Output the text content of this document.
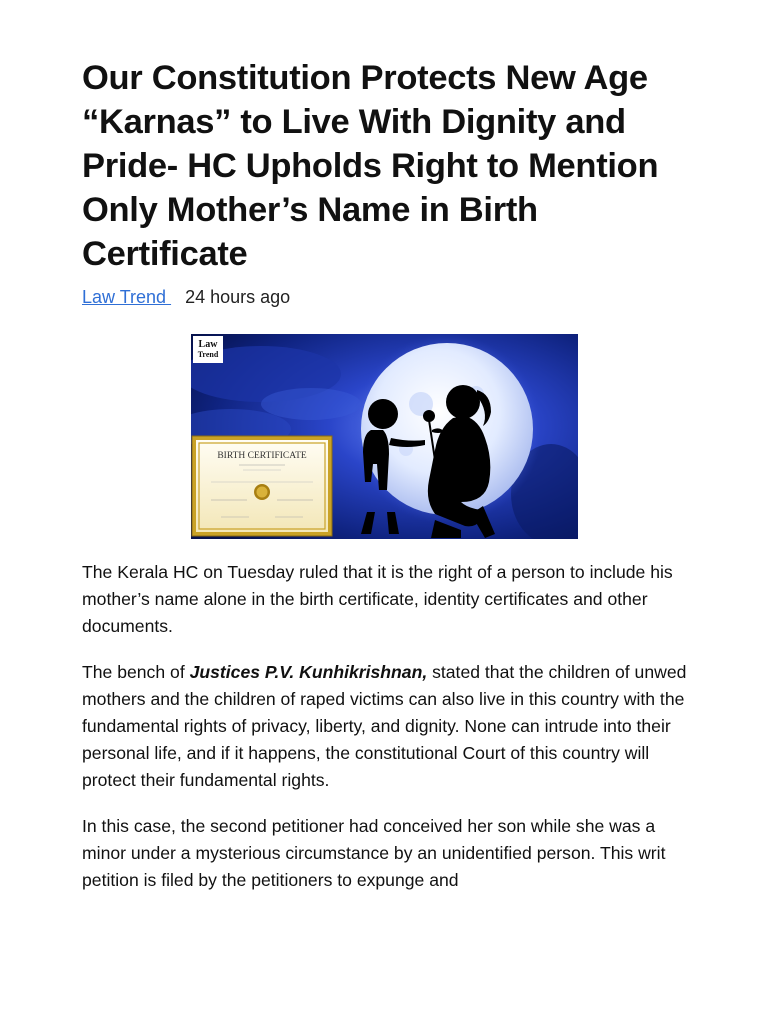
Our Constitution Protects New Age “Karnas” to Live With Dignity and Pride- HC Upholds Right to Mention Only Mother’s Name in Birth Certificate
Law Trend 24 hours ago
Law
Trend
BIRTH CERTIFICATE

The Kerala HC on Tuesday ruled that it is the right of a person to include his mother’s name alone in the birth certificate, identity certificates and other documents.

The bench of Justices P.V. Kunhikrishnan, stated that the children of unwed mothers and the children of raped victims can also live in this country with the fundamental rights of privacy, liberty, and dignity. None can intrude into their personal life, and if it happens, the constitutional Court of this country will protect their fundamental rights.

In this case, the second petitioner had conceived her son while she was a minor under a mysterious circumstance by an unidentified person. This writ petition is filed by the petitioners to expunge and
